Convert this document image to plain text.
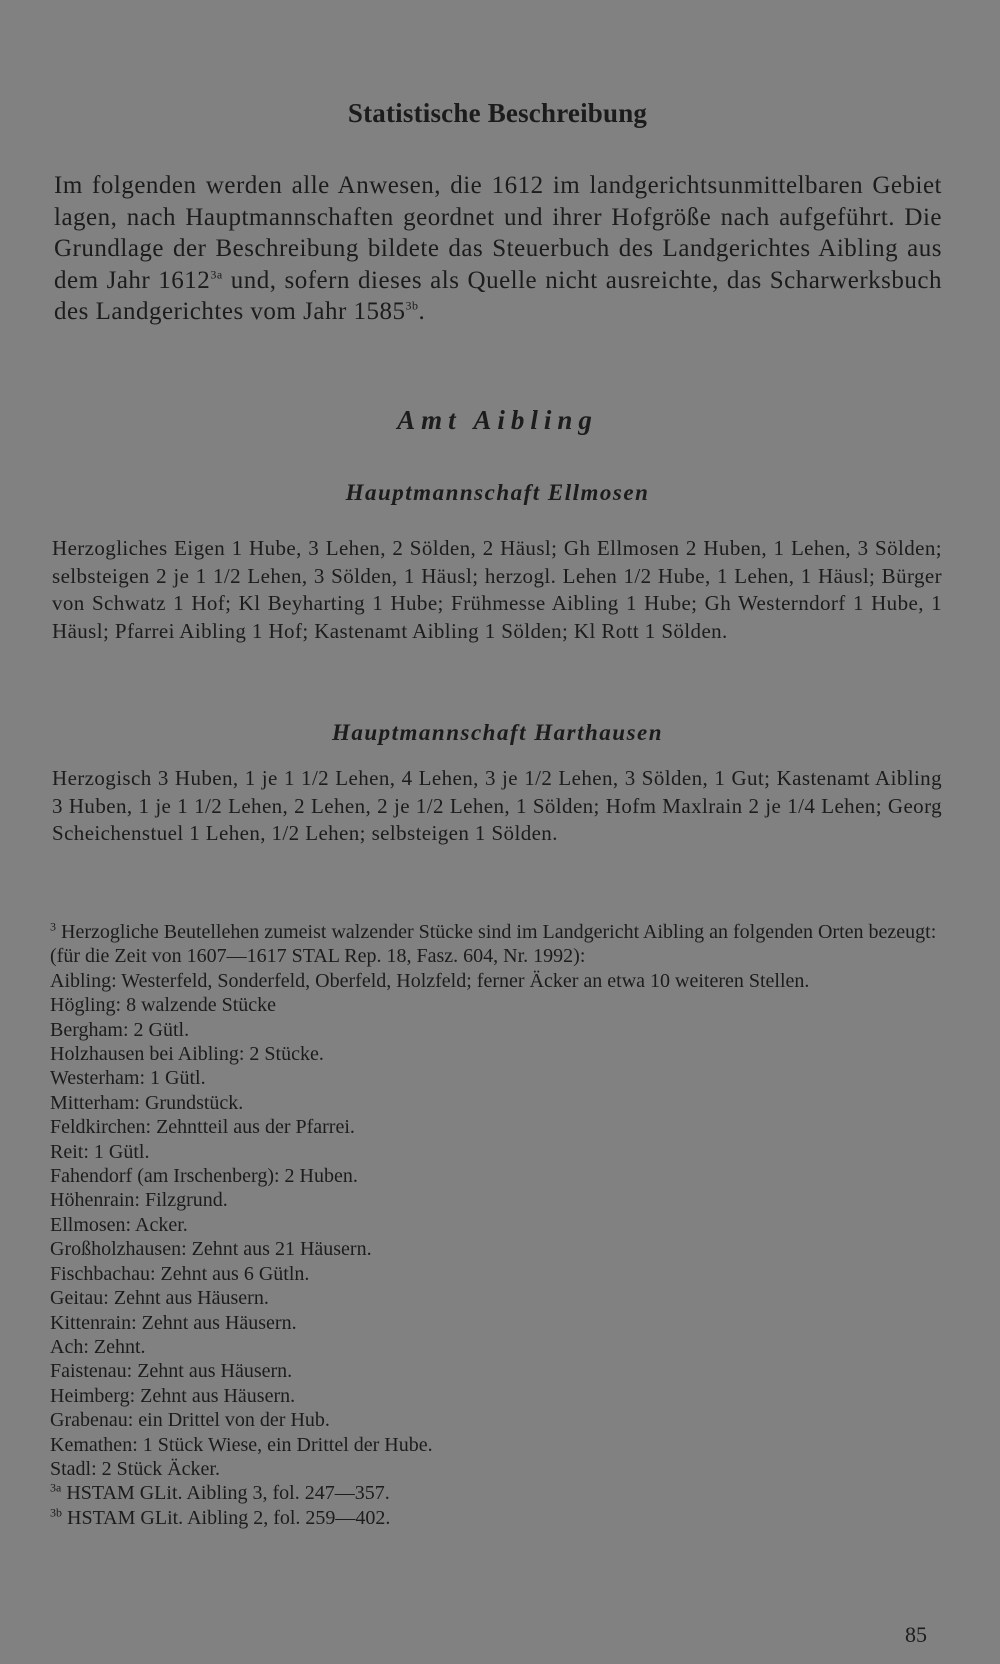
Statistische Beschreibung

Im folgenden werden alle Anwesen, die 1612 im landgerichtsunmittelbaren Gebiet lagen, nach Hauptmannschaften geordnet und ihrer Hofgröße nach aufgeführt. Die Grundlage der Beschreibung bildete das Steuerbuch des Landgerichtes Aibling aus dem Jahr $1612^{3a}$ und, sofern dieses als Quelle nicht ausreichte, das Scharwerksbuch des Landgerichtes vom Jahr $1585^{3b}$.

Amt Aibling
Hauptmannschaft Ellmosen

Herzogliches Eigen 1 Hube, 3 Lehen, 2 Sölden, 2 Häusl; Gh Ellmosen 2 Huben, 1 Lehen, 3 Sölden; selbsteigen 2 je 1 1/2 Lehen, 3 Sölden, 1 Häusl; herzogl. Lehen 1/2 Hube, 1 Lehen, 1 Häusl; Bürger von Schwatz 1 Hof; Kl Beyharting 1 Hube; Frühmesse Aibling 1 Hube; Gh Westerndorf 1 Hube, 1 Häusl; Pfarrei Aibling 1 Hof; Kastenamt Aibling 1 Sölden; Kl Rott 1 Sölden.

Hauptmannschaft Harthausen

Herzogisch 3 Huben, 1 je 1 1/2 Lehen, 4 Lehen, 3 je 1/2 Lehen, 3 Sölden, 1 Gut; Kastenamt Aibling 3 Huben, 1 je 1 1/2 Lehen, 2 Lehen, 2 je 1/2 Lehen, 1 Sölden; Hofm Maxlrain 2 je 1/4 Lehen; Georg Scheichenstuel 1 Lehen, 1/2 Lehen; selbsteigen 1 Sölden.

$^3$ Herzogliche Beutellehen zumeist walzender Stücke sind im Landgericht Aibling an folgenden Orten bezeugt:
(für die Zeit von 1607—1617 STAL Rep. 18, Fasz. 604, Nr. 1992):
Aibling: Westerfeld, Sonderfeld, Oberfeld, Holzfeld; ferner Äcker an etwa 10 weiteren Stellen.
Högling: 8 walzende Stücke
Bergham: 2 Gütl.
Holzhausen bei Aibling: 2 Stücke.
Westerham: 1 Gütl.
Mitterham: Grundstück.
Feldkirchen: Zehntteil aus der Pfarrei.
Reit: 1 Gütl.
Fahendorf (am Irschenberg): 2 Huben.
Höhenrain: Filzgrund.
Ellmosen: Acker.
Großholzhausen: Zehnt aus 21 Häusern.
Fischbachau: Zehnt aus 6 Gütln.
Geitau: Zehnt aus Häusern.
Kittenrain: Zehnt aus Häusern.
Ach: Zehnt.
Faistenau: Zehnt aus Häusern.
Heimberg: Zehnt aus Häusern.
Grabenau: ein Drittel von der Hub.
Kemathen: 1 Stück Wiese, ein Drittel der Hube.
Stadl: 2 Stück Äcker.
$^{3a}$ HSTAM GLit. Aibling 3, fol. 247—357.
$^{3b}$ HSTAM GLit. Aibling 2, fol. 259—402.

85
